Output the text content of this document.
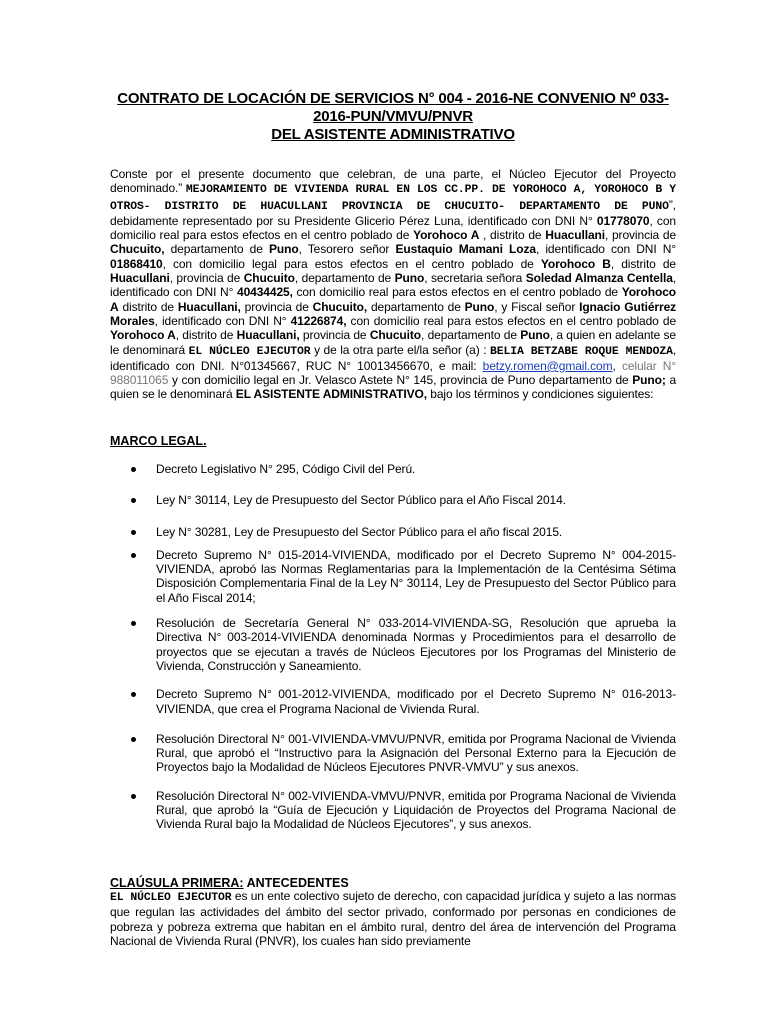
CONTRATO DE LOCACIÓN DE SERVICIOS N° 004 - 2016-NE CONVENIO Nº 033-
2016-PUN/VMVU/PNVR
DEL ASISTENTE ADMINISTRATIVO
Conste por el presente documento que celebran, de una parte, el Núcleo Ejecutor del Proyecto denominado.” MEJORAMIENTO DE VIVIENDA RURAL EN LOS CC.PP. DE YOROHOCO A, YOROHOCO B Y OTROS- DISTRITO DE HUACULLANI PROVINCIA DE CHUCUITO- DEPARTAMENTO DE PUNO”, debidamente representado por su Presidente Glicerio Pérez Luna, identificado con DNI N° 01778070, con domicilio real para estos efectos en el centro poblado de Yorohoco A , distrito de Huacullani, provincia de Chucuito, departamento de Puno, Tesorero señor Eustaquio Mamani Loza, identificado con DNI N° 01868410, con domicilio legal para estos efectos en el centro poblado de Yorohoco B, distrito de Huacullani, provincia de Chucuito, departamento de Puno, secretaria señora Soledad Almanza Centella, identificado con DNI N° 40434425, con domicilio real para estos efectos en el centro poblado de Yorohoco A distrito de Huacullani, provincia de Chucuito, departamento de Puno, y Fiscal señor Ignacio Gutiérrez Morales, identificado con DNI N° 41226874, con domicilio real para estos efectos en el centro poblado de Yorohoco A, distrito de Huacullani, provincia de Chucuito, departamento de Puno, a quien en adelante se le denominará EL NÚCLEO EJECUTOR y de la otra parte el/la señor (a) : BELIA BETZABE ROQUE MENDOZA, identificado con DNI. N°01345667, RUC N° 10013456670, e mail: betzy.romen@gmail.com, celular N° 988011065 y con domicilio legal en Jr. Velasco Astete N° 145, provincia de Puno departamento de Puno; a quien se le denominará EL ASISTENTE ADMINISTRATIVO, bajo los términos y condiciones siguientes:
MARCO LEGAL.
Decreto Legislativo N° 295, Código Civil del Perú.
Ley N° 30114, Ley de Presupuesto del Sector Público para el Año Fiscal 2014.
Ley N° 30281, Ley de Presupuesto del Sector Público para el año fiscal 2015.
Decreto Supremo N° 015-2014-VIVIENDA, modificado por el Decreto Supremo N° 004-2015-VIVIENDA, aprobó las Normas Reglamentarias para la Implementación de la Centésima Sétima Disposición Complementaria Final de la Ley N° 30114, Ley de Presupuesto del Sector Público para el Año Fiscal 2014;
Resolución de Secretaría General N° 033-2014-VIVIENDA-SG, Resolución que aprueba la Directiva N° 003-2014-VIVIENDA denominada Normas y Procedimientos para el desarrollo de proyectos que se ejecutan a través de Núcleos Ejecutores por los Programas del Ministerio de Vivienda, Construcción y Saneamiento.
Decreto Supremo N° 001-2012-VIVIENDA, modificado por el Decreto Supremo N° 016-2013-VIVIENDA, que crea el Programa Nacional de Vivienda Rural.
Resolución Directoral N° 001-VIVIENDA-VMVU/PNVR, emitida por Programa Nacional de Vivienda Rural, que aprobó el “Instructivo para la Asignación del Personal Externo para la Ejecución de Proyectos bajo la Modalidad de Núcleos Ejecutores PNVR-VMVU” y sus anexos.
Resolución Directoral N° 002-VIVIENDA-VMVU/PNVR, emitida por Programa Nacional de Vivienda Rural, que aprobó la “Guía de Ejecución y Liquidación de Proyectos del Programa Nacional de Vivienda Rural bajo la Modalidad de Núcleos Ejecutores”, y sus anexos.
CLAÚSULA PRIMERA: ANTECEDENTES
EL NÚCLEO EJECUTOR es un ente colectivo sujeto de derecho, con capacidad jurídica y sujeto a las normas que regulan las actividades del ámbito del sector privado, conformado por personas en condiciones de pobreza y pobreza extrema que habitan en el ámbito rural, dentro del área de intervención del Programa Nacional de Vivienda Rural (PNVR), los cuales han sido previamente
